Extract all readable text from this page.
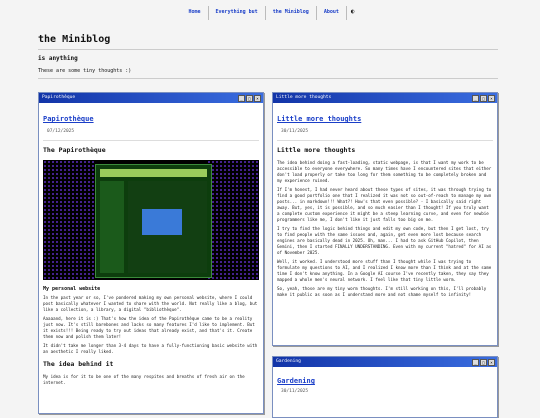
Home	Everything but	the Miniblog	About	◐
the Miniblog
is anything
These are some tiny thoughts :)
Papirothèque	_	□	×
Papirothèque
07/12/2025
The Papirothèque
My personal website

In the past year or so, I've pondered making my own personal website, where I could post basically whatever I wanted to share with the world. Not really like a blog, but like a collection, a library, a digital "bibliothèque".

Aaaaand, here it is :) That's how the idea of the Papirothèque came to be a reality just now. It's still barebones and lacks so many features I'd like to implement. But it exists!!! Being ready to try out ideas that already exist, and that's it. Create them now and polish them later!

It didn't take me longer than 3-4 days to have a fully-functioning basic website with an aesthetic I really liked.

The idea behind it

My idea is for it to be one of the many respites and breaths of fresh air on the internet.

Little more thoughts	_	□	×
Little more thoughts
30/11/2025
Little more thoughts

The idea behind doing a fast-loading, static webpage, is that I want my work to be accessible to everyone everywhere. So many times have I encountered sites that either don't load properly or take too long for them something to be completely broken and my experience ruined.

If I'm honest, I had never heard about these types of sites, it was through trying to find a good portfolio one that I realized it was not so out-of-reach to manage my own posts... in markdown!!! What?! How's that even possible? - I basically said right away. But, yes, it is possible, and so much easier than I thought! If you truly want a complete custom experience it might be a steep learning curve, and even for newbie programmers like me, I don't like it just falls too big on me.

I try to find the logic behind things and edit my own code, but then I get lost, try to find people with the same issues and, again, get even more lost because search engines are basically dead in 2025. Oh, man... I had to ask GitHub Copilot, then Gemini, then I started FINALLY UNDERSTANDING. Even with my current "hatred" for AI as of November 2025.

Well, it worked. I understood more stuff than I thought while I was trying to formulate my questions to AI, and I realized I know more than I think and at the same time I don't know anything. In a Google AI course I've recently taken, they say they mapped a whole men's neural network. I feel like that tiny little worm.

So, yeah, those are my tiny worm thoughts. I'm still working on this, I'll probably make it public as soon as I understand more and not shame myself to infinity!

Gardening	_	□	×
Gardening
30/11/2025
